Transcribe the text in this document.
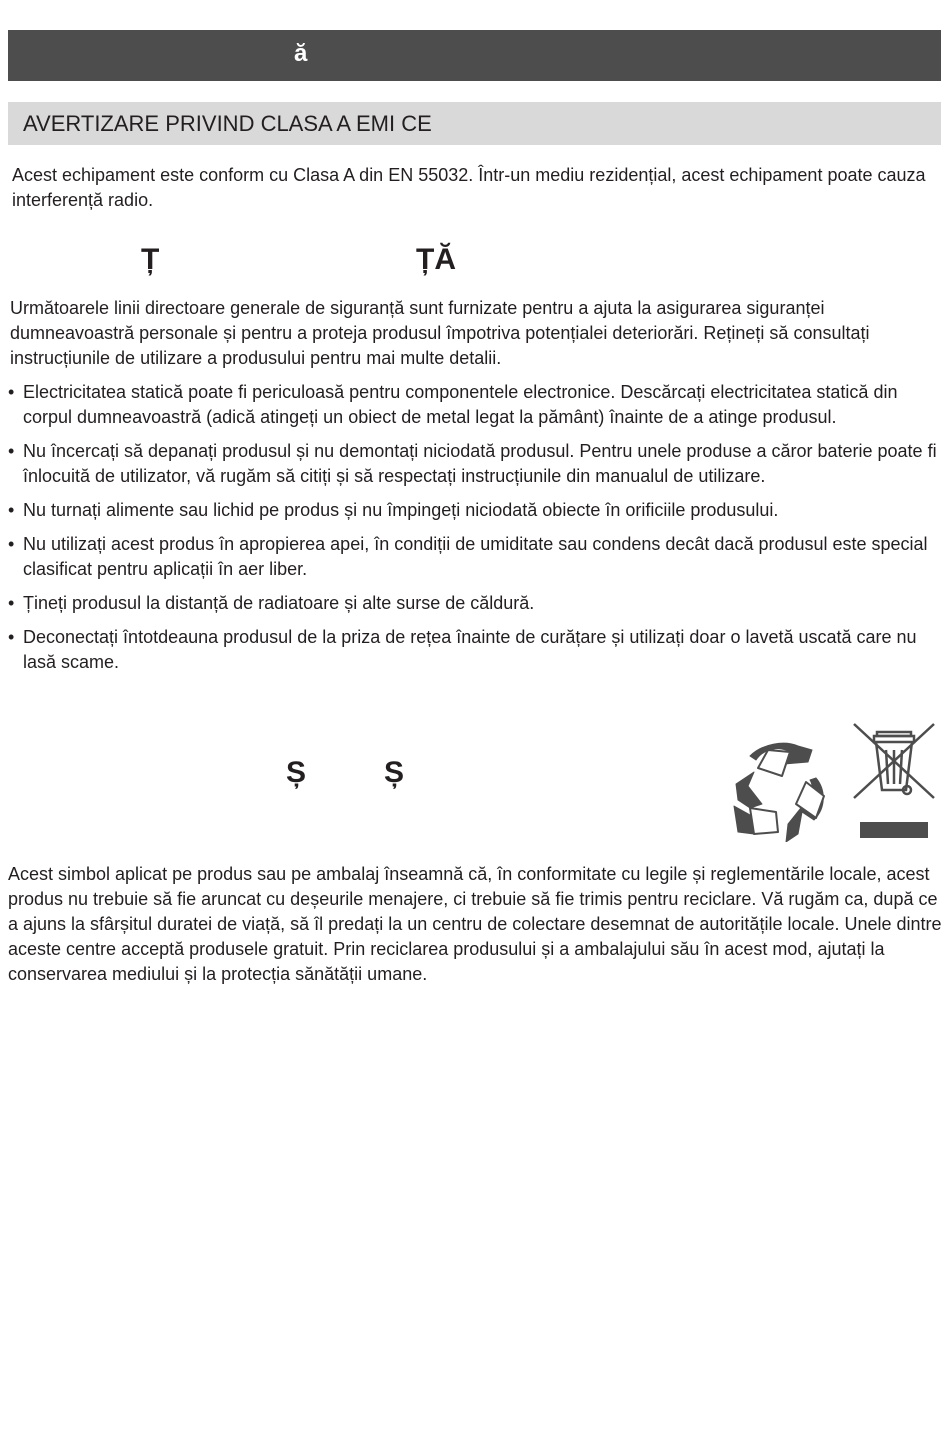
ă
AVERTIZARE PRIVIND CLASA A EMI CE

Acest echipament este conform cu Clasa A din EN 55032. Într-un mediu rezidențial, acest echipament poate cauza interferență radio.

Ț	ȚĂ

Următoarele linii directoare generale de siguranță sunt furnizate pentru a ajuta la asigurarea siguranței dumneavoastră personale și pentru a proteja produsul împotriva potențialei deteriorări. Rețineți să consultați instrucțiunile de utilizare a produsului pentru mai multe detalii.

• Electricitatea statică poate fi periculoasă pentru componentele electronice. Descărcați electricitatea statică din corpul dumneavoastră (adică atingeți un obiect de metal legat la pământ) înainte de a atinge produsul.
• Nu încercați să depanați produsul și nu demontați niciodată produsul. Pentru unele produse a căror baterie poate fi înlocuită de utilizator, vă rugăm să citiți și să respectați instrucțiunile din manualul de utilizare.
• Nu turnați alimente sau lichid pe produs și nu împingeți niciodată obiecte în orificiile produsului.
• Nu utilizați acest produs în apropierea apei, în condiții de umiditate sau condens decât dacă produsul este special clasificat pentru aplicații în aer liber.
• Țineți produsul la distanță de radiatoare și alte surse de căldură.
• Deconectați întotdeauna produsul de la priza de rețea înainte de curățare și utilizați doar o lavetă uscată care nu lasă scame.
Ș	Ș

Acest simbol aplicat pe produs sau pe ambalaj înseamnă că, în conformitate cu legile și reglementările locale, acest produs nu trebuie să fie aruncat cu deșeurile menajere, ci trebuie să fie trimis pentru reciclare. Vă rugăm ca, după ce a ajuns la sfârșitul duratei de viață, să îl predați la un centru de colectare desemnat de autoritățile locale. Unele dintre aceste centre acceptă produsele gratuit. Prin reciclarea produsului și a ambalajului său în acest mod, ajutați la conservarea mediului și la protecția sănătății umane.
